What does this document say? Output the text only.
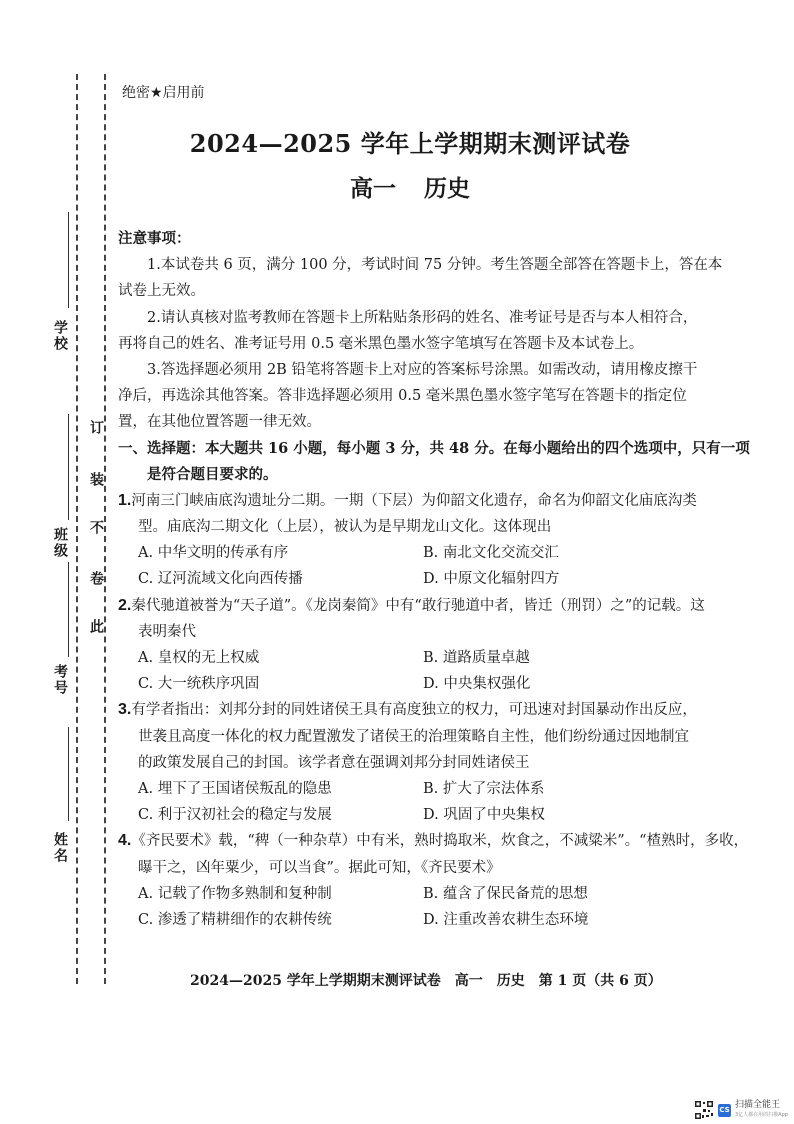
学校
班级
考号
姓名
此
卷
不
装
订
绝密★启用前
2024—2025 学年上学期期末测评试卷
高一 历史
注意事项：
1.本试卷共 6 页，满分 100 分，考试时间 75 分钟。考生答题全部答在答题卡上，答在本
试卷上无效。
2.请认真核对监考教师在答题卡上所粘贴条形码的姓名、准考证号是否与本人相符合，
再将自己的姓名、准考证号用 0.5 毫米黑色墨水签字笔填写在答题卡及本试卷上。
3.答选择题必须用 2B 铅笔将答题卡上对应的答案标号涂黑。如需改动，请用橡皮擦干
净后，再选涂其他答案。答非选择题必须用 0.5 毫米黑色墨水签字笔写在答题卡的指定位
置，在其他位置答题一律无效。
一、选择题：本大题共 16 小题，每小题 3 分，共 48 分。在每小题给出的四个选项中，只有一项
是符合题目要求的。
1.河南三门峡庙底沟遗址分二期。一期（下层）为仰韶文化遗存，命名为仰韶文化庙底沟类
型。庙底沟二期文化（上层），被认为是早期龙山文化。这体现出
A. 中华文明的传承有序	B. 南北文化交流交汇
C. 辽河流域文化向西传播	D. 中原文化辐射四方
2.秦代驰道被誉为“天子道”。《龙岗秦简》中有“敢行驰道中者，皆迁（刑罚）之”的记载。这
表明秦代
A. 皇权的无上权威	B. 道路质量卓越
C. 大一统秩序巩固	D. 中央集权强化
3.有学者指出：刘邦分封的同姓诸侯王具有高度独立的权力，可迅速对封国暴动作出反应，
世袭且高度一体化的权力配置激发了诸侯王的治理策略自主性，他们纷纷通过因地制宜
的政策发展自己的封国。该学者意在强调刘邦分封同姓诸侯王
A. 埋下了王国诸侯叛乱的隐患	B. 扩大了宗法体系
C. 利于汉初社会的稳定与发展	D. 巩固了中央集权
4.《齐民要术》载，“稗（一种杂草）中有米，熟时捣取米，炊食之，不减粱米”。“楂熟时，多收，
曝干之，凶年粟少，可以当食”。据此可知，《齐民要术》
A. 记载了作物多熟制和复种制	B. 蕴含了保民备荒的思想
C. 渗透了精耕细作的农耕传统	D. 注重改善农耕生态环境
2024—2025 学年上学期期末测评试卷　高一　历史　第 1 页（共 6 页）
CS 扫描全能王
3亿人都在用的扫描App
